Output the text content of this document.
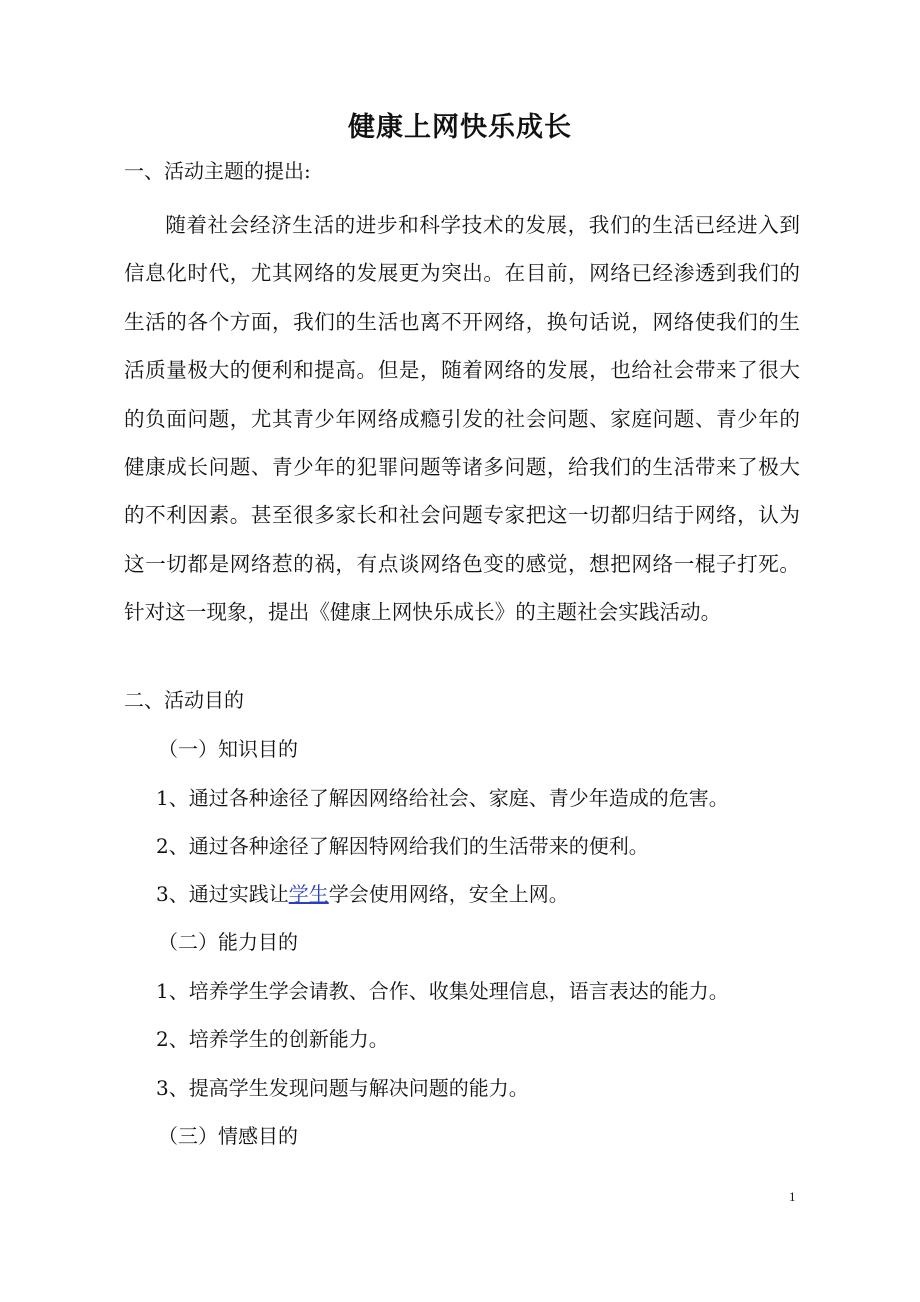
健康上网快乐成长
一、活动主题的提出:
随着社会经济生活的进步和科学技术的发展，我们的生活已经进入到信息化时代，尤其网络的发展更为突出。在目前，网络已经渗透到我们的生活的各个方面，我们的生活也离不开网络，换句话说，网络使我们的生活质量极大的便利和提高。但是，随着网络的发展，也给社会带来了很大的负面问题，尤其青少年网络成瘾引发的社会问题、家庭问题、青少年的健康成长问题、青少年的犯罪问题等诸多问题，给我们的生活带来了极大的不利因素。甚至很多家长和社会问题专家把这一切都归结于网络，认为这一切都是网络惹的祸，有点谈网络色变的感觉，想把网络一棍子打死。针对这一现象，提出《健康上网快乐成长》的主题社会实践活动。
二、活动目的
（一）知识目的
1、通过各种途径了解因网络给社会、家庭、青少年造成的危害。
2、通过各种途径了解因特网给我们的生活带来的便利。
3、通过实践让学生学会使用网络，安全上网。
（二）能力目的
1、培养学生学会请教、合作、收集处理信息，语言表达的能力。
2、培养学生的创新能力。
3、提高学生发现问题与解决问题的能力。
（三）情感目的
1
